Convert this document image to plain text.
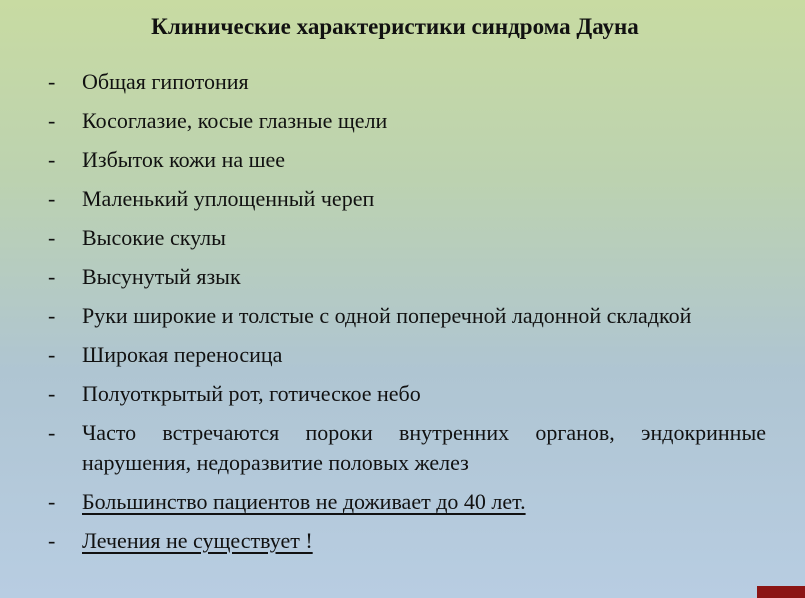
Клинические характеристики синдрома Дауна
-	Общая гипотония
-	Косоглазие, косые глазные щели
-	Избыток кожи на шее
-	Маленький уплощенный череп
-	Высокие скулы
-	Высунутый язык
-	Руки широкие и толстые с одной поперечной ладонной складкой
-	Широкая переносица
-	Полуоткрытый рот, готическое небо
-	Часто встречаются пороки внутренних органов, эндокринные нарушения, недоразвитие половых желез
-	Большинство пациентов не доживает до 40 лет.
-	Лечения не существует !
